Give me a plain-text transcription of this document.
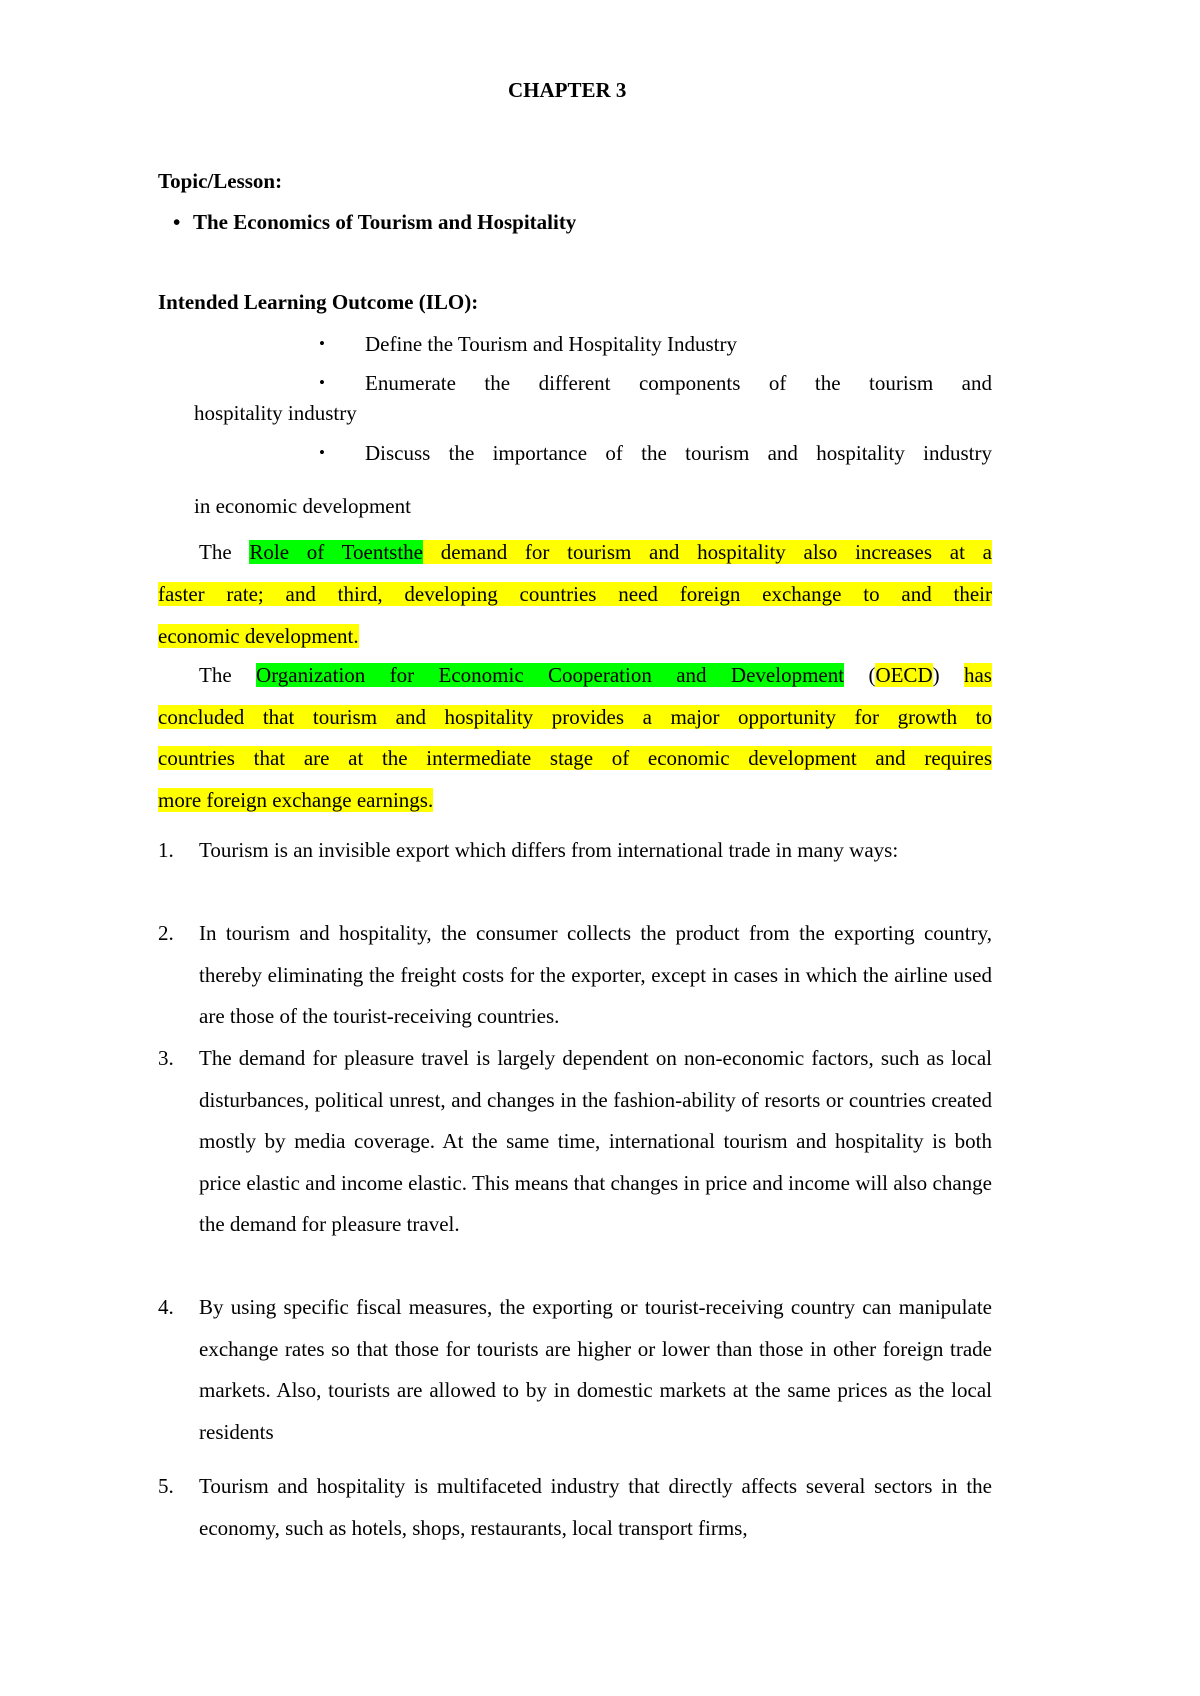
CHAPTER 3
Topic/Lesson:
• The Economics of Tourism and Hospitality
Intended Learning Outcome (ILO):
• Define the Tourism and Hospitality Industry
• Enumerate the different components of the tourism and
hospitality industry
• Discuss the importance of the tourism and hospitality industry
in economic development
The Role of Toentsthe demand for tourism and hospitality also increases at a
faster rate; and third, developing countries need foreign exchange to and their
economic development.
The Organization for Economic Cooperation and Development (OECD) has
concluded that tourism and hospitality provides a major opportunity for growth to
countries that are at the intermediate stage of economic development and requires
more foreign exchange earnings.
1. Tourism is an invisible export which differs from international trade in many ways:
2. In tourism and hospitality, the consumer collects the product from the exporting country, thereby eliminating the freight costs for the exporter, except in cases in which the airline used are those of the tourist-receiving countries.
3. The demand for pleasure travel is largely dependent on non-economic factors, such as local disturbances, political unrest, and changes in the fashion-ability of resorts or countries created mostly by media coverage. At the same time, international tourism and hospitality is both price elastic and income elastic. This means that changes in price and income will also change the demand for pleasure travel.
4. By using specific fiscal measures, the exporting or tourist-receiving country can manipulate exchange rates so that those for tourists are higher or lower than those in other foreign trade markets. Also, tourists are allowed to by in domestic markets at the same prices as the local residents
5. Tourism and hospitality is multifaceted industry that directly affects several sectors in the economy, such as hotels, shops, restaurants, local transport firms,
